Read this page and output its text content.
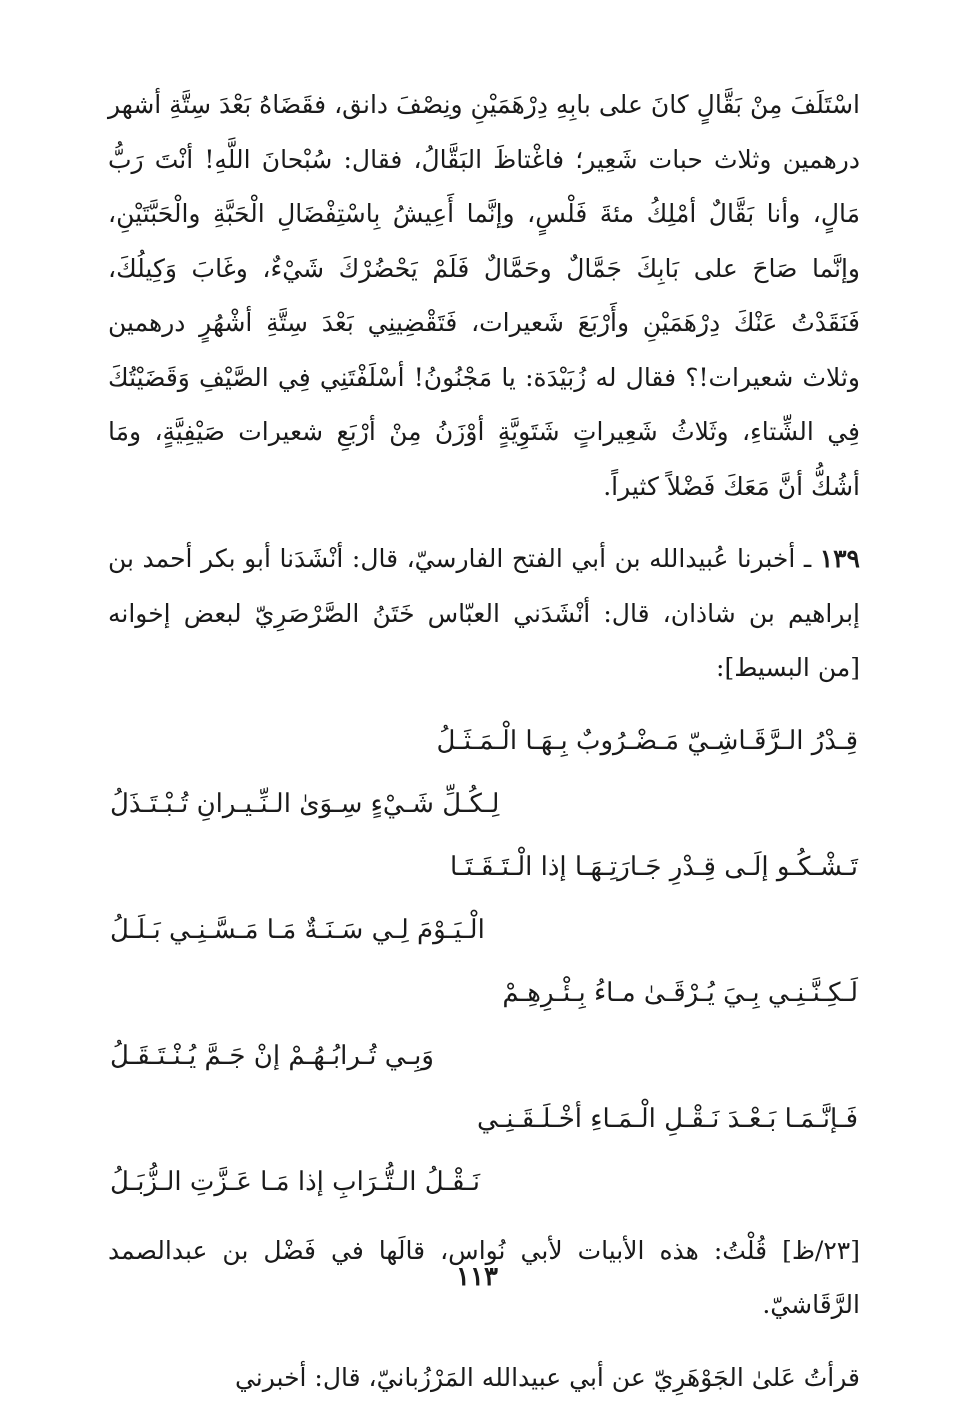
اسْتَلَفَ مِنْ بَقَّالٍ كانَ على بابِهِ دِرْهَمَيْنِ ونِصْفَ دانق، فقَضَاهُ بَعْدَ سِتَّةِ أشهر درهمين وثلاث حبات شَعِير؛ فاغْتاظَ البَقَّالُ، فقال: سُبْحانَ اللَّهِ! أنْتَ رَبُّ مَالٍ، وأنا بَقَّالٌ أمْلِكُ مئةَ فَلْسٍ، وإنَّما أَعِيشُ بِاسْتِفْضَالِ الْحَبَّةِ والْحَبَّتَيْنِ، وإنَّما صَاحَ على بَابِكَ جَمَّالٌ وحَمَّالٌ فَلَمْ يَحْضُرْكَ شَيْءٌ، وغَابَ وَكِيلُكَ، فَنَقَدْتُ عَنْكَ دِرْهَمَيْنِ وأَرْبَعَ شَعيرات، فَتَقْضِينِي بَعْدَ سِتَّةِ أشْهُرٍ درهمين وثلاث شعيرات!؟ فقال له زُبَيْدَة: يا مَجْنُونُ! أسْلَفْتَنِي فِي الصَّيْفِ وَقَضَيْتُكَ فِي الشِّتاءِ، وثَلاثُ شَعِيراتٍ شَتَوِيَّةٍ أوْزَنُ مِنْ أرْبَعِ شعيرات صَيْفِيَّةٍ، ومَا أشُكُّ أنَّ مَعَكَ فَضْلاً كثيراً.

١٣٩ ـ أخبرنا عُبيدالله بن أبي الفتح الفارسيّ، قال: أنْشَدَنا أبو بكر أحمد بن إبراهيم بن شاذان، قال: أنْشَدَني العبّاس خَتَنُ الصَّرْصَرِيّ لبعض إخوانه [من البسيط]:

قِـدْرُ الـرَّقَـاشِـيّ مَـضْـرُوبٌ بِـهَـا الْـمَـثَـلُ
لِـكُـلِّ شَـيْءٍ سِـوَىٰ الـنِّـيـرانِ تُـبْـتَـذَلُ
تَـشْـكُـو إلَـى قِـدْرِ جَـارَتِـهَـا إذا الْـتَـقَـتَـا
الْـيَـوْمَ لِـي سَـنَـةٌ مَـا مَـسَّـنِـي بَـلَـلُ
لَـكِـنَّـنِـي بِـيَ يُـرْقَـىٰ مـاءُ بِـئْـرِهِـمْ
وَبِـي تُـرابُـهُـمْ إنْ جَـمَّ يُـنْـتَـقَـلُ
فَـإنَّـمَـا بَـعْـدَ نَـقْـلِ الْـمَـاءِ أخْـلَـقَـنِـي
نَـقْـلُ الـتُّـرَابِ إذا مَـا عَـزَّتِ الـزُّبَـلُ

[٢٣/ظ] قُلْتُ: هذه الأبيات لأبي نُواس، قالَها في فَضْل بن عبدالصمد الرَّقَاشيّ.

قرأتُ عَلىٰ الجَوْهَرِيّ عن أبي عبيدالله المَرْزُبانيّ، قال: أخبرني

١١٣
